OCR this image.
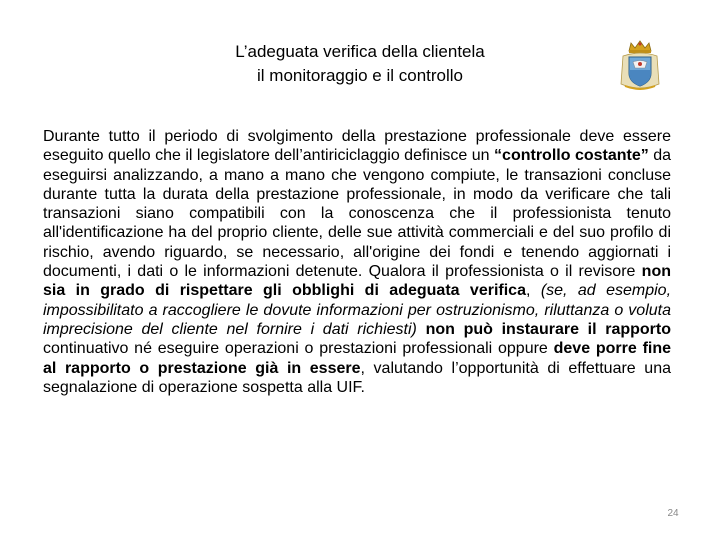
L’adeguata verifica della clientela
il monitoraggio e il controllo
Durante tutto il periodo di svolgimento della prestazione professionale deve essere eseguito quello che il legislatore dell’antiriciclaggio definisce un “controllo costante” da eseguirsi analizzando, a mano a mano che vengono compiute, le transazioni concluse durante tutta la durata della prestazione professionale, in modo da verificare che tali transazioni siano compatibili con la conoscenza che il professionista tenuto all'identificazione ha del proprio cliente, delle sue attività commerciali e del suo profilo di rischio, avendo riguardo, se necessario, all'origine dei fondi e tenendo aggiornati i documenti, i dati o le informazioni detenute. Qualora il professionista o il revisore non sia in grado di rispettare gli obblighi di adeguata verifica, (se, ad esempio, impossibilitato a raccogliere le dovute informazioni per ostruzionismo, riluttanza o voluta imprecisione del cliente nel fornire i dati richiesti) non può instaurare il rapporto continuativo né eseguire operazioni o prestazioni professionali oppure deve porre fine al rapporto o prestazione già in essere, valutando l’opportunità di effettuare una segnalazione di operazione sospetta alla UIF.
24
